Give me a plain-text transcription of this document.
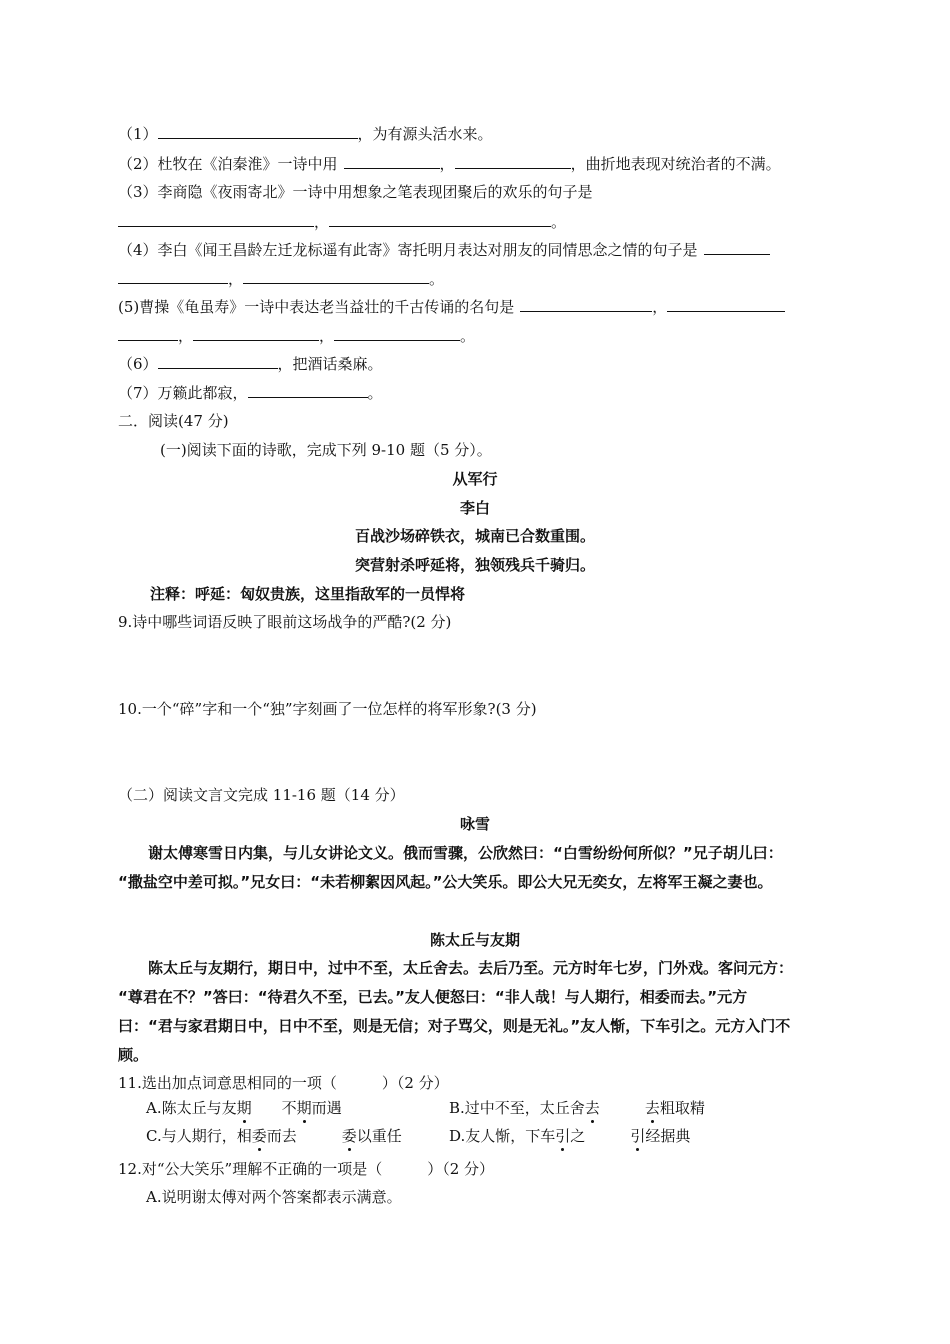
（1）	，为有源头活水来。
（2）杜牧在《泊秦淮》一诗中用	，	，曲折地表现对统治者的不满。
（3）李商隐《夜雨寄北》一诗中用想象之笔表现团聚后的欢乐的句子是
，	。
（4）李白《闻王昌龄左迁龙标遥有此寄》寄托明月表达对朋友的同情思念之情的句子是
，	。
(5)曹操《龟虽寿》一诗中表达老当益壮的千古传诵的名句是	，
，	，	。
（6）	，把酒话桑麻。
（7）万籁此都寂，	。
二．阅读(47 分)
(一)阅读下面的诗歌，完成下列 9-10 题（5 分）。
从军行
李白
百战沙场碎铁衣，城南已合数重围。
突营射杀呼延将，独领残兵千骑归。
注释：呼延：匈奴贵族，这里指敌军的一员悍将
9.诗中哪些词语反映了眼前这场战争的严酷?(2 分)
10.一个“碎”字和一个“独”字刻画了一位怎样的将军形象?(3 分)
（二）阅读文言文完成 11-16 题（14 分）
咏雪
谢太傅寒雪日内集，与儿女讲论文义。俄而雪骤，公欣然曰：“白雪纷纷何所似？”兄子胡儿曰：
“撒盐空中差可拟。”兄女曰：“未若柳絮因风起。”公大笑乐。即公大兄无奕女，左将军王凝之妻也。
陈太丘与友期
陈太丘与友期行，期日中，过中不至，太丘舍去。去后乃至。元方时年七岁，门外戏。客问元方：
“尊君在不？”答曰：“待君久不至，已去。”友人便怒曰：“非人哉！与人期行，相委而去。”元方
曰：“君与家君期日中，日中不至，则是无信；对子骂父，则是无礼。”友人惭，下车引之。元方入门不
顾。
11.选出加点词意思相同的一项（　　　）（2 分）
A.陈太丘与友期　　不期而遇	B.过中不至，太丘舍去　　　	去粗取精
C.与人期行，相委而去　　　	委以重任	D.友人惭，下车引之　　　	引经据典
12.对“公大笑乐”理解不正确的一项是（　　　）（2 分）
A.说明谢太傅对两个答案都表示满意。
